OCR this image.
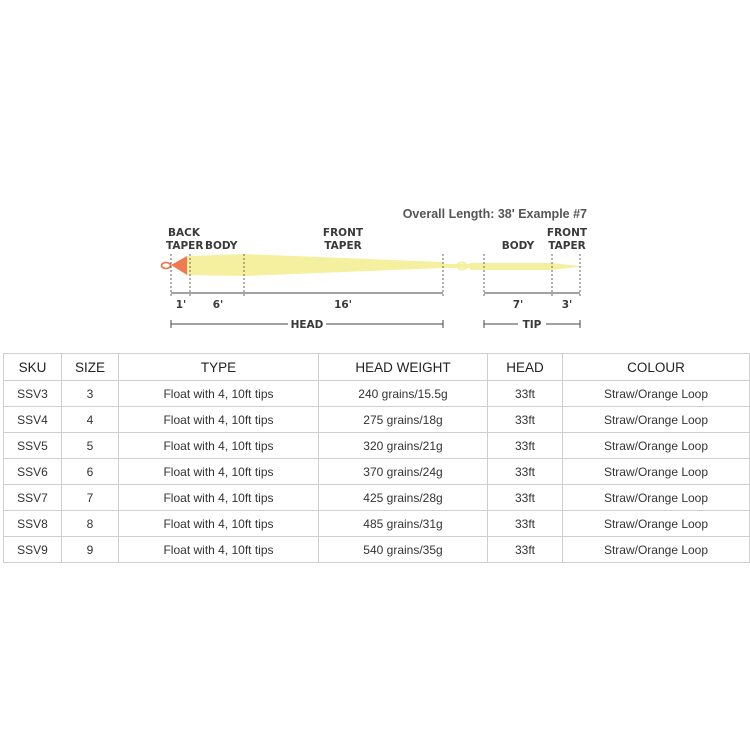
Overall Length: 38' Example #7
BACK
TAPER BODY
FRONT
TAPER	BODY
FRONT
TAPER
1'	6'	16'	7'	3'
HEAD	TIP
SKU	SIZE	TYPE	HEAD WEIGHT	HEAD	COLOUR
SSV3	3	Float with 4, 10ft tips	240 grains/15.5g	33ft	Straw/Orange Loop
SSV4	4	Float with 4, 10ft tips	275 grains/18g	33ft	Straw/Orange Loop
SSV5	5	Float with 4, 10ft tips	320 grains/21g	33ft	Straw/Orange Loop
SSV6	6	Float with 4, 10ft tips	370 grains/24g	33ft	Straw/Orange Loop
SSV7	7	Float with 4, 10ft tips	425 grains/28g	33ft	Straw/Orange Loop
SSV8	8	Float with 4, 10ft tips	485 grains/31g	33ft	Straw/Orange Loop
SSV9	9	Float with 4, 10ft tips	540 grains/35g	33ft	Straw/Orange Loop
